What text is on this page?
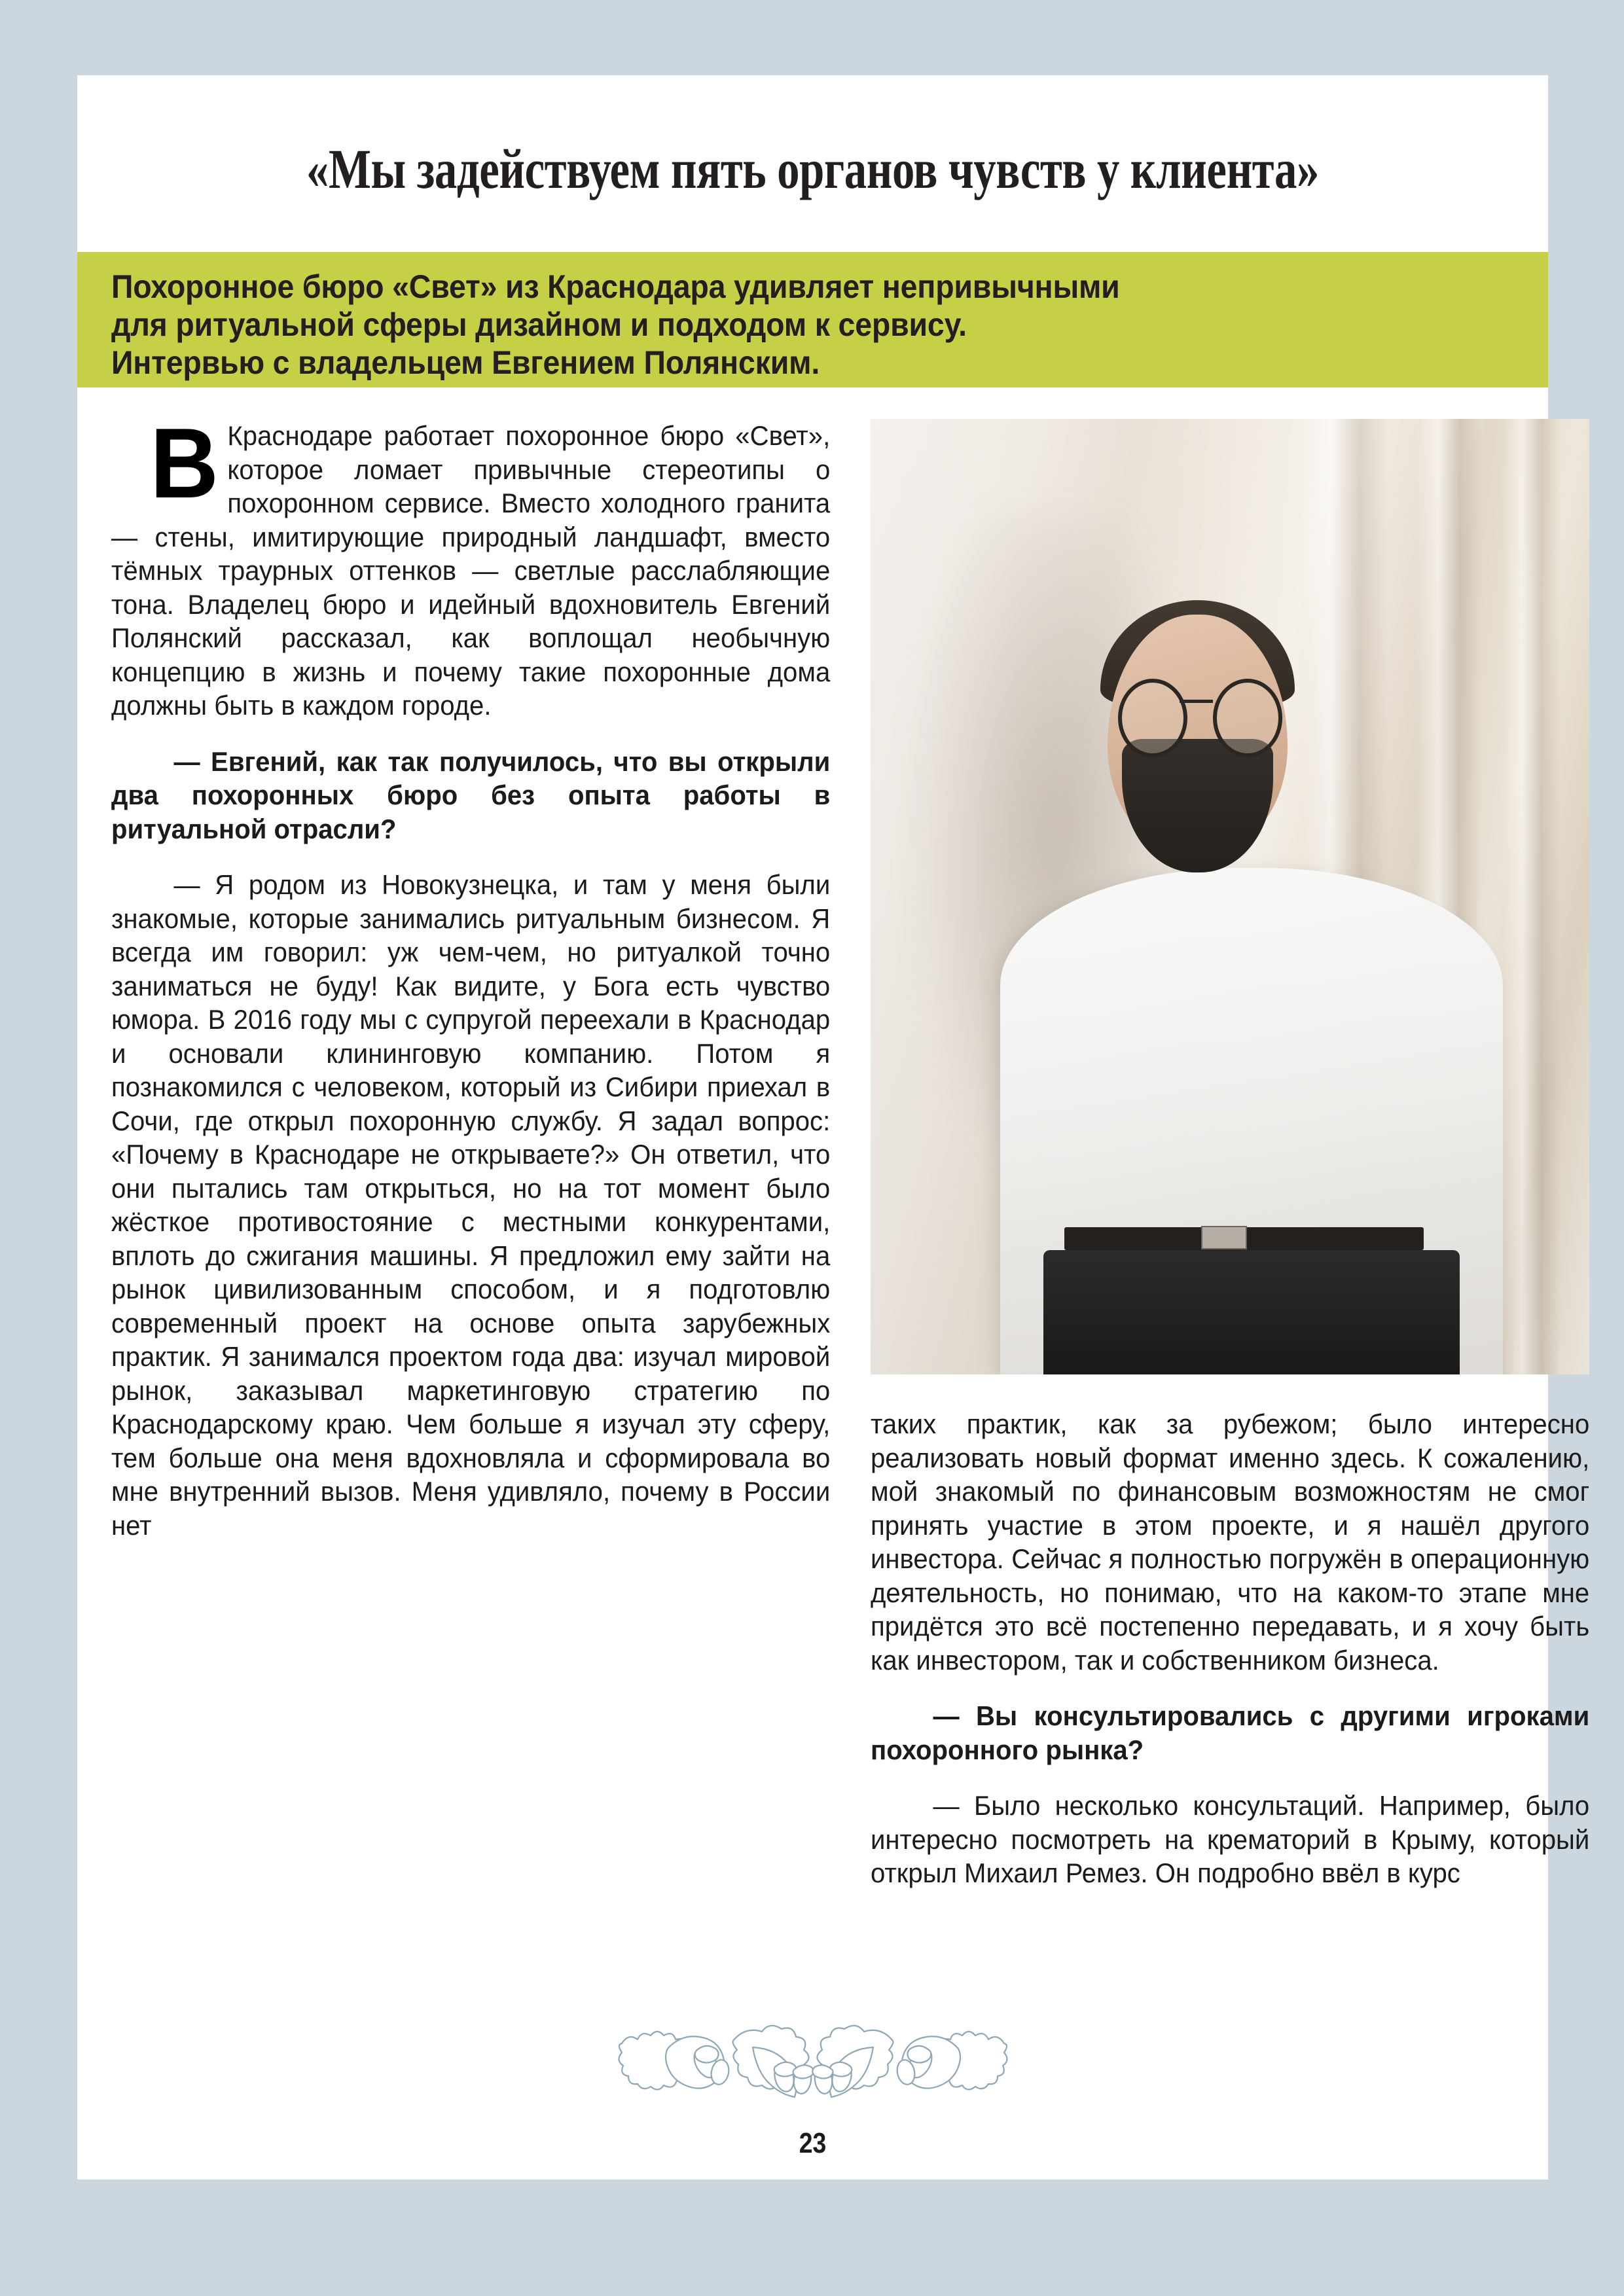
«Мы задействуем пять органов чувств у клиента»
Похоронное бюро «Свет» из Краснодара удивляет непривычными
для ритуальной сферы дизайном и подходом к сервису.
Интервью с владельцем Евгением Полянским.

В Краснодаре работает похоронное бюро «Свет», которое ломает привычные стереотипы о похоронном сервисе. Вместо холодного гранита — стены, имитирующие природный ландшафт, вместо тёмных траурных оттенков — светлые расслабляющие тона. Владелец бюро и идейный вдохновитель Евгений Полянский рассказал, как воплощал необычную концепцию в жизнь и почему такие похоронные дома должны быть в каждом городе.

— Евгений, как так получилось, что вы открыли два похоронных бюро без опыта работы в ритуальной отрасли?

— Я родом из Новокузнецка, и там у меня были знакомые, которые занимались ритуальным бизнесом. Я всегда им говорил: уж чем-чем, но ритуалкой точно заниматься не буду! Как видите, у Бога есть чувство юмора. В 2016 году мы с супругой переехали в Краснодар и основали клининговую компанию. Потом я познакомился с человеком, который из Сибири приехал в Сочи, где открыл похоронную службу. Я задал вопрос: «Почему в Краснодаре не открываете?» Он ответил, что они пытались там открыться, но на тот момент было жёсткое противостояние с местными конкурентами, вплоть до сжигания машины. Я предложил ему зайти на рынок цивилизованным способом, и я подготовлю современный проект на основе опыта зарубежных практик. Я занимался проектом года два: изучал мировой рынок, заказывал маркетинговую стратегию по Краснодарскому краю. Чем больше я изучал эту сферу, тем больше она меня вдохновляла и сформировала во мне внутренний вызов. Меня удивляло, почему в России нет

таких практик, как за рубежом; было интересно реализовать новый формат именно здесь. К сожалению, мой знакомый по финансовым возможностям не смог принять участие в этом проекте, и я нашёл другого инвестора. Сейчас я полностью погружён в операционную деятельность, но понимаю, что на каком-то этапе мне придётся это всё постепенно передавать, и я хочу быть как инвестором, так и собственником бизнеса.

— Вы консультировались с другими игроками похоронного рынка?

— Было несколько консультаций. Например, было интересно посмотреть на крематорий в Крыму, который открыл Михаил Ремез. Он подробно ввёл в курс

23
